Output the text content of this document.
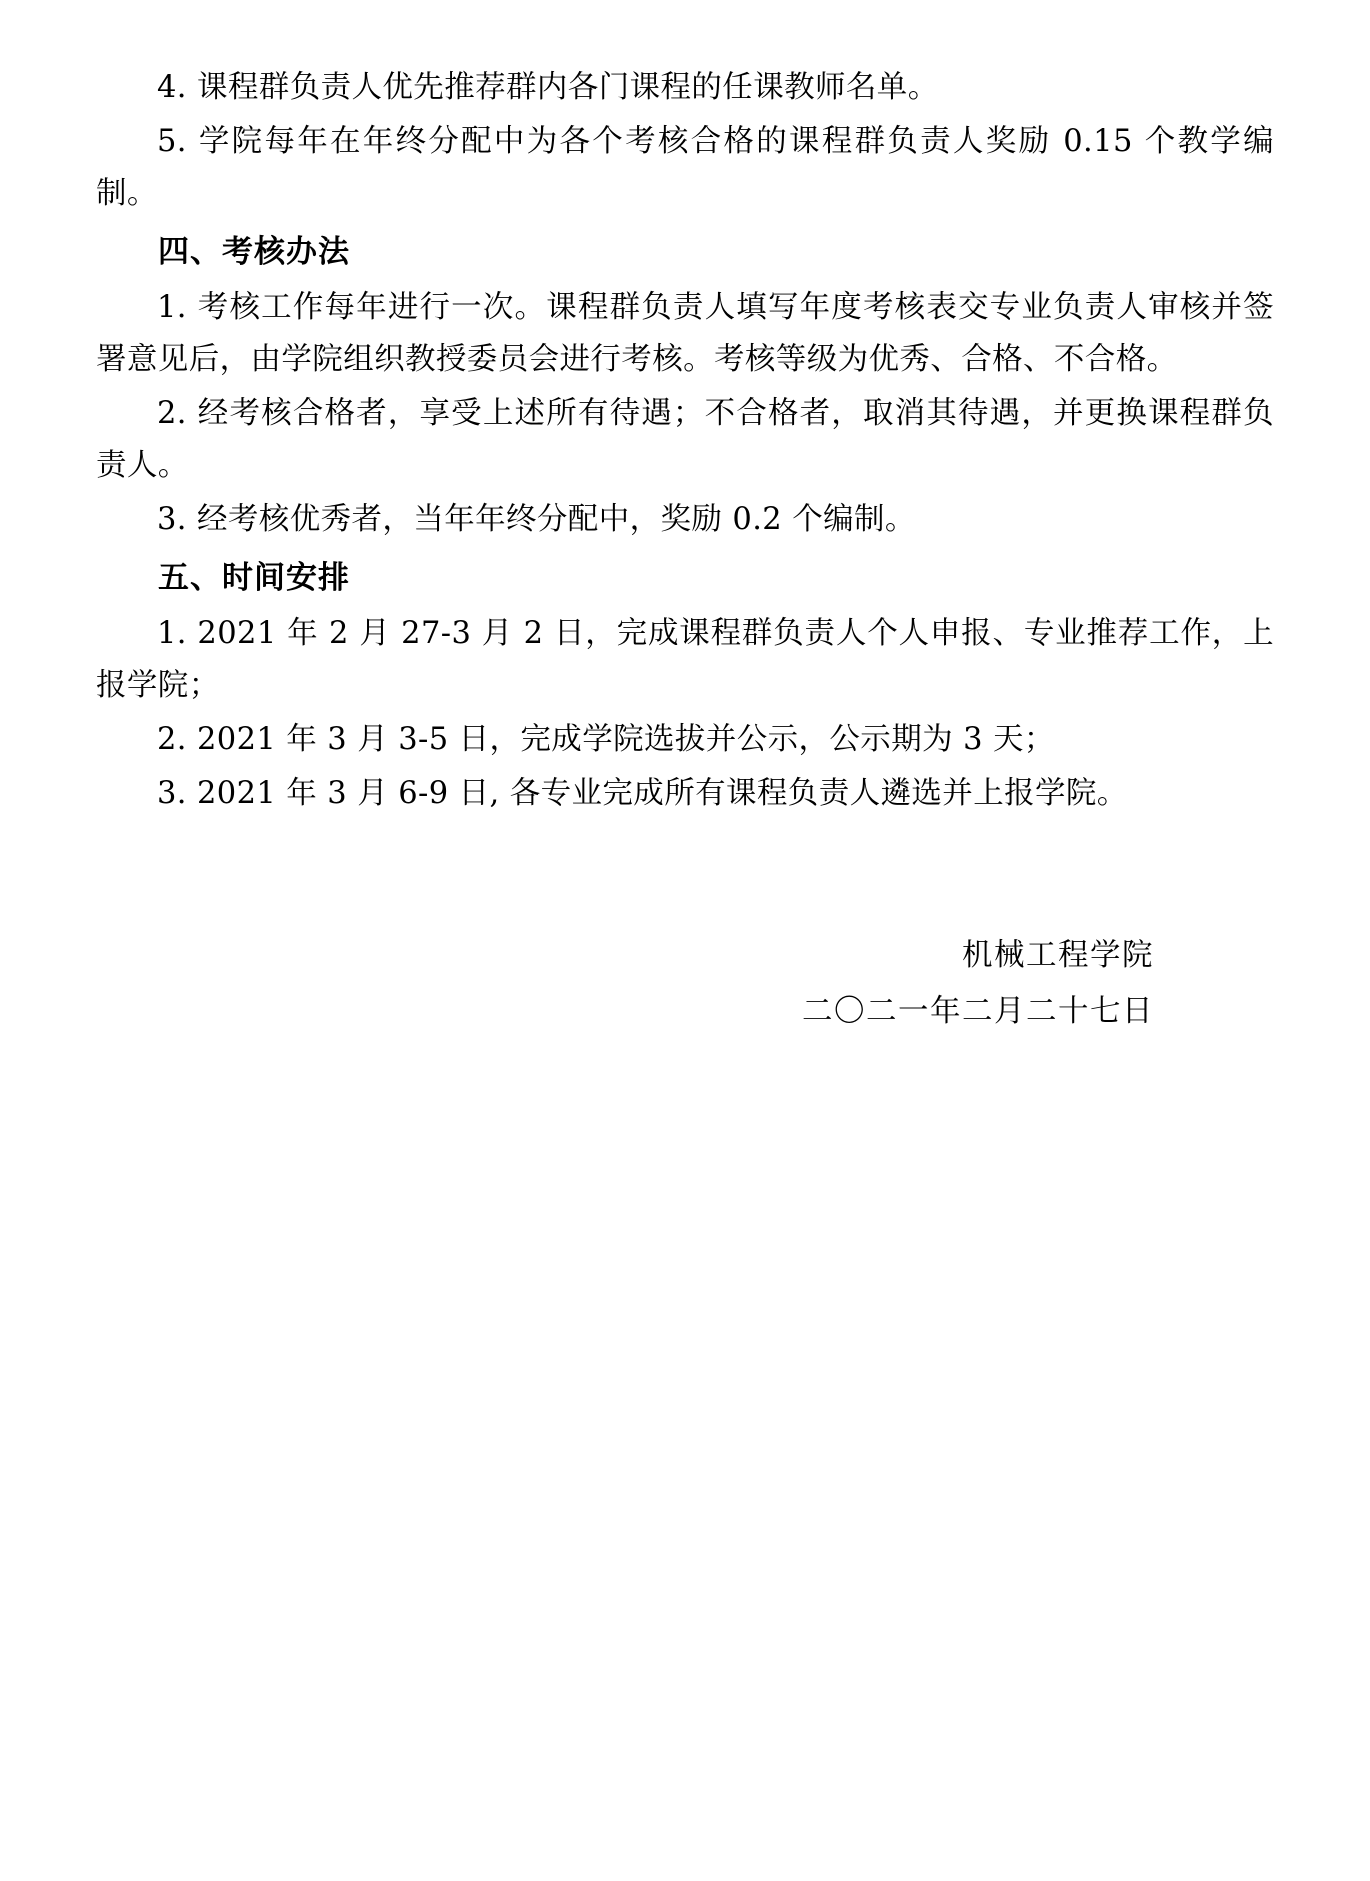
4. 课程群负责人优先推荐群内各门课程的任课教师名单。

5. 学院每年在年终分配中为各个考核合格的课程群负责人奖励 0.15 个教学编制。

四、考核办法

1. 考核工作每年进行一次。课程群负责人填写年度考核表交专业负责人审核并签署意见后，由学院组织教授委员会进行考核。考核等级为优秀、合格、不合格。

2. 经考核合格者，享受上述所有待遇；不合格者，取消其待遇，并更换课程群负责人。

3. 经考核优秀者，当年年终分配中，奖励 0.2 个编制。

五、时间安排

1. 2021 年 2 月 27-3 月 2 日，完成课程群负责人个人申报、专业推荐工作，上报学院；

2. 2021 年 3 月 3-5 日，完成学院选拔并公示，公示期为 3 天；

3. 2021 年 3 月 6-9 日, 各专业完成所有课程负责人遴选并上报学院。

机械工程学院
二〇二一年二月二十七日
